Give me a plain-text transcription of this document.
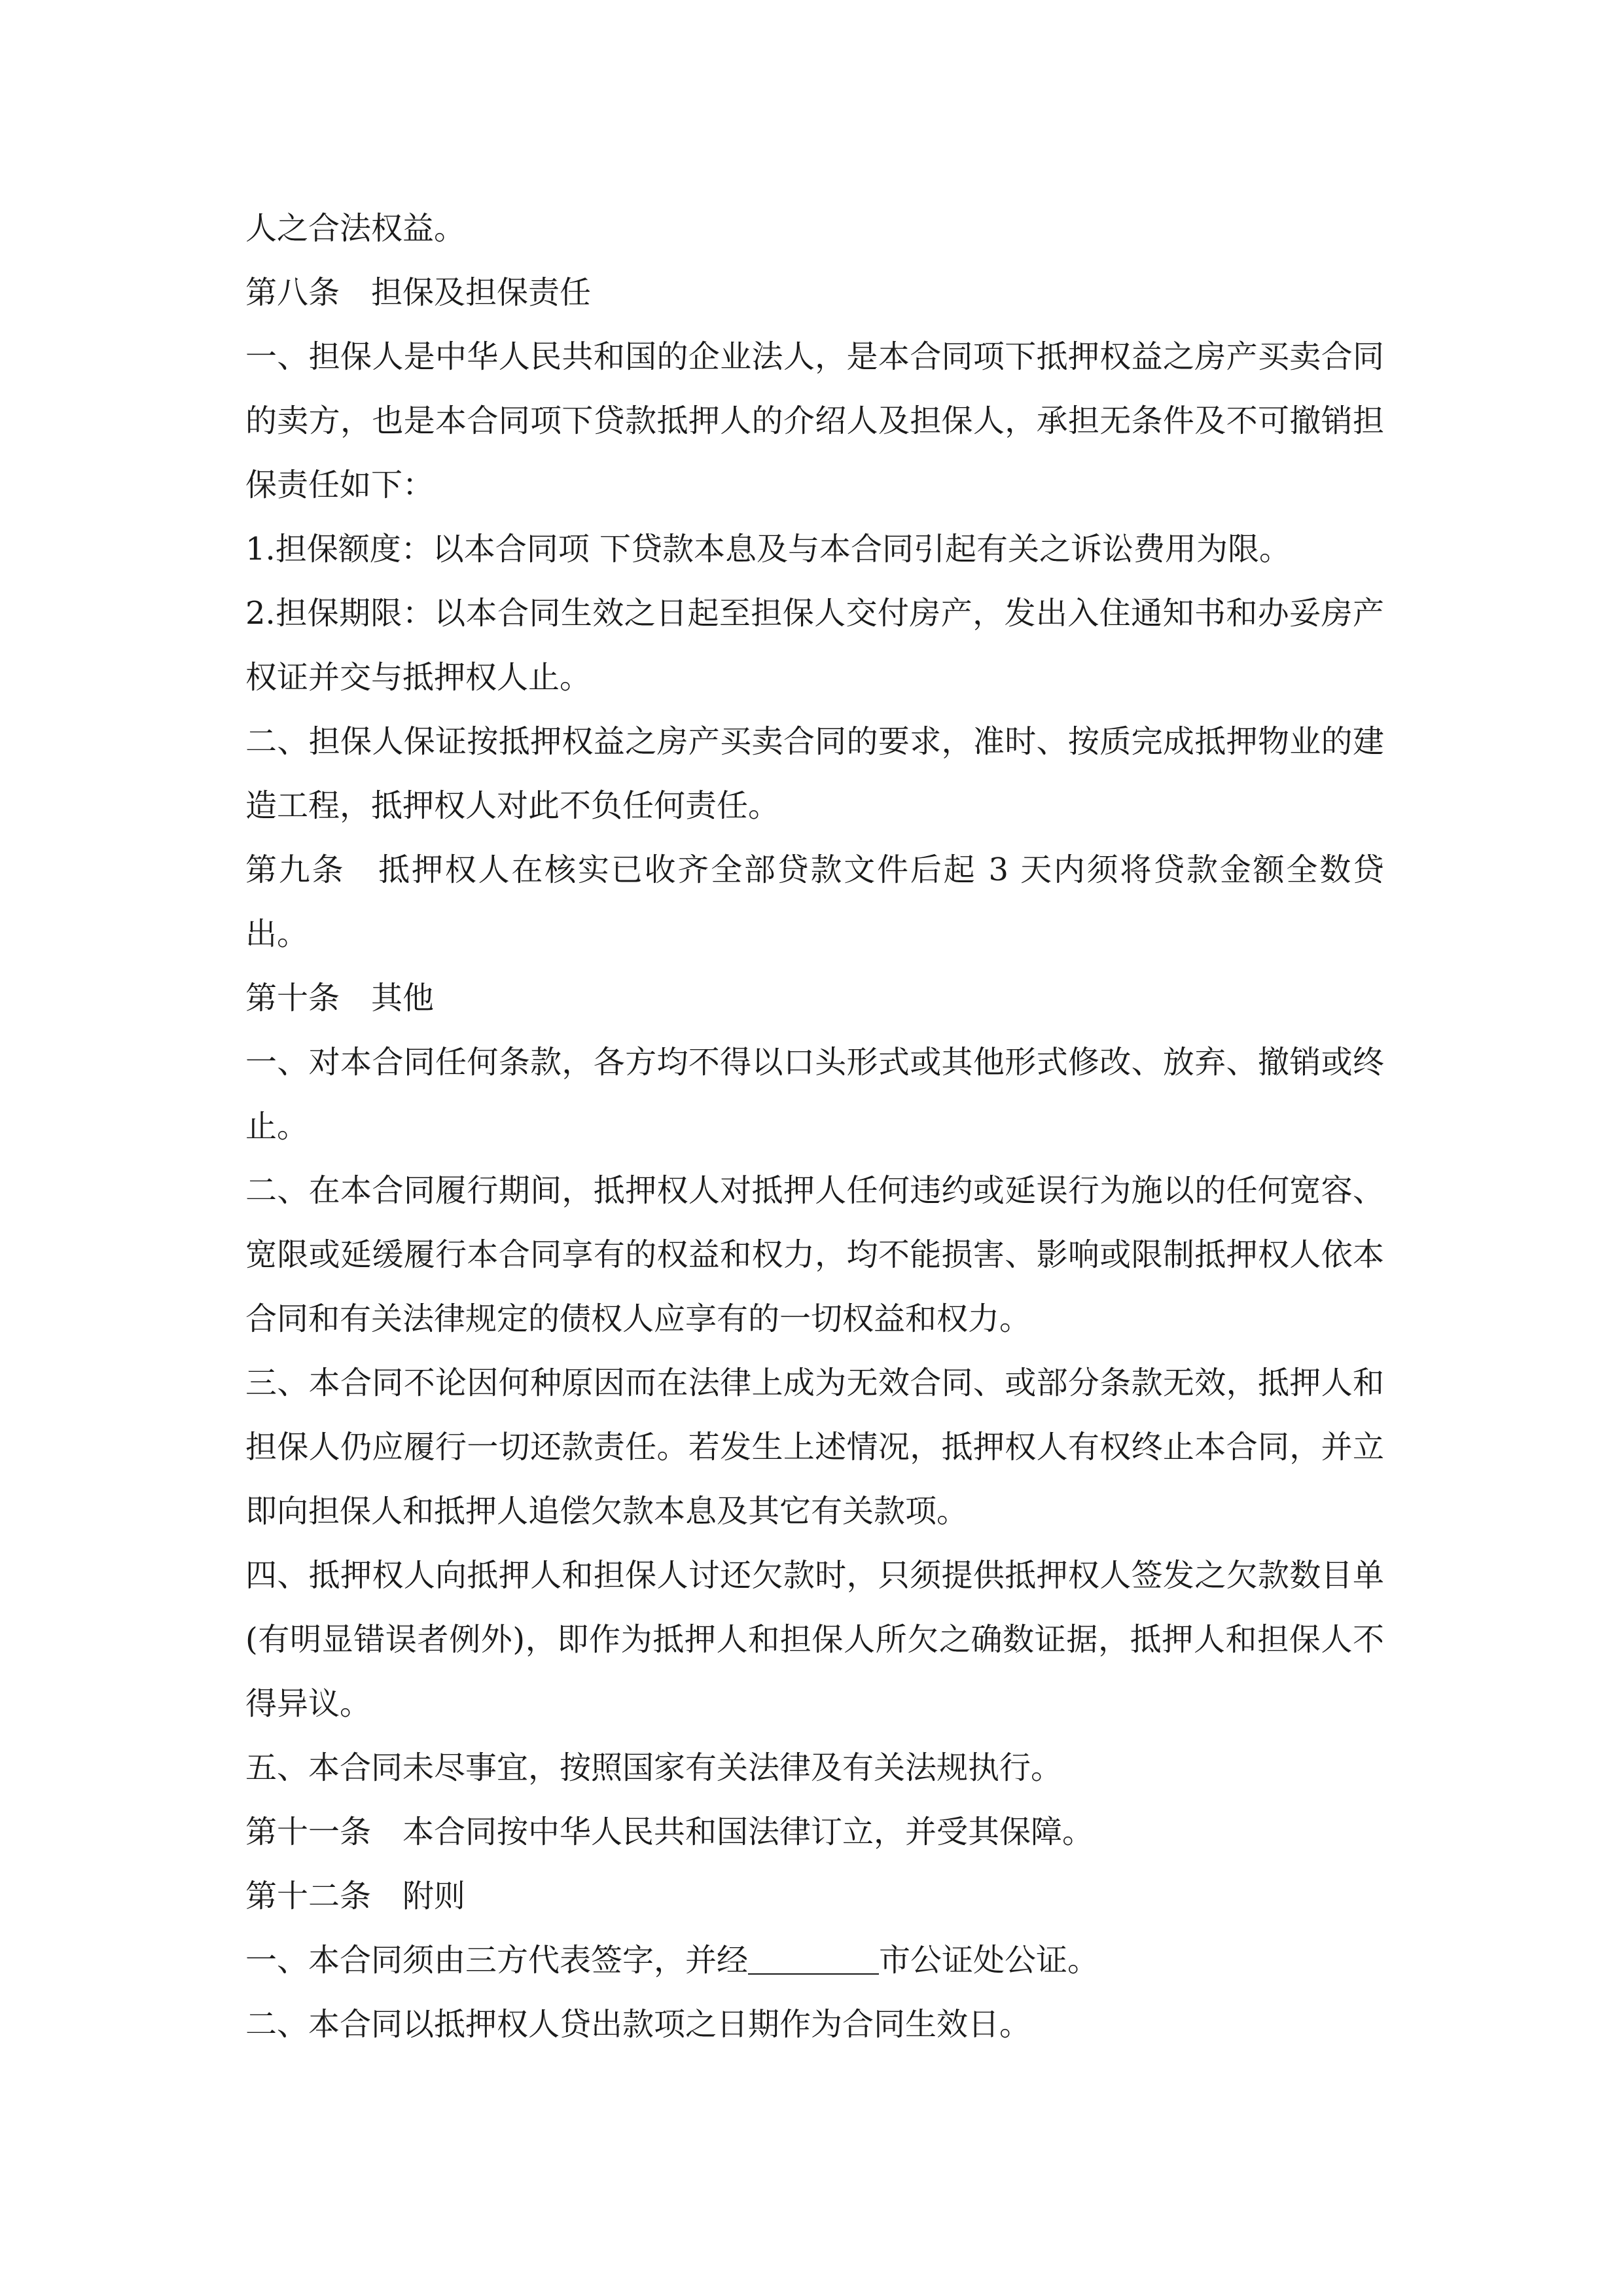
人之合法权益。

第八条　担保及担保责任

一、担保人是中华人民共和国的企业法人，是本合同项下抵押权益之房产买卖合同的卖方，也是本合同项下贷款抵押人的介绍人及担保人，承担无条件及不可撤销担保责任如下：

1.担保额度：以本合同项 下贷款本息及与本合同引起有关之诉讼费用为限。

2.担保期限：以本合同生效之日起至担保人交付房产，发出入住通知书和办妥房产权证并交与抵押权人止。

二、担保人保证按抵押权益之房产买卖合同的要求，准时、按质完成抵押物业的建造工程，抵押权人对此不负任何责任。

第九条　抵押权人在核实已收齐全部贷款文件后起 3 天内须将贷款金额全数贷出。

第十条　其他

一、对本合同任何条款，各方均不得以口头形式或其他形式修改、放弃、撤销或终止。

二、在本合同履行期间，抵押权人对抵押人任何违约或延误行为施以的任何宽容、宽限或延缓履行本合同享有的权益和权力，均不能损害、影响或限制抵押权人依本合同和有关法律规定的债权人应享有的一切权益和权力。

三、本合同不论因何种原因而在法律上成为无效合同、或部分条款无效，抵押人和担保人仍应履行一切还款责任。若发生上述情况，抵押权人有权终止本合同，并立即向担保人和抵押人追偿欠款本息及其它有关款项。

四、抵押权人向抵押人和担保人讨还欠款时，只须提供抵押权人签发之欠款数目单(有明显错误者例外)，即作为抵押人和担保人所欠之确数证据，抵押人和担保人不得异议。

五、本合同未尽事宜，按照国家有关法律及有关法规执行。

第十一条　本合同按中华人民共和国法律订立，并受其保障。

第十二条　附则

一、本合同须由三方代表签字，并经	市公证处公证。

二、本合同以抵押权人贷出款项之日期作为合同生效日。
